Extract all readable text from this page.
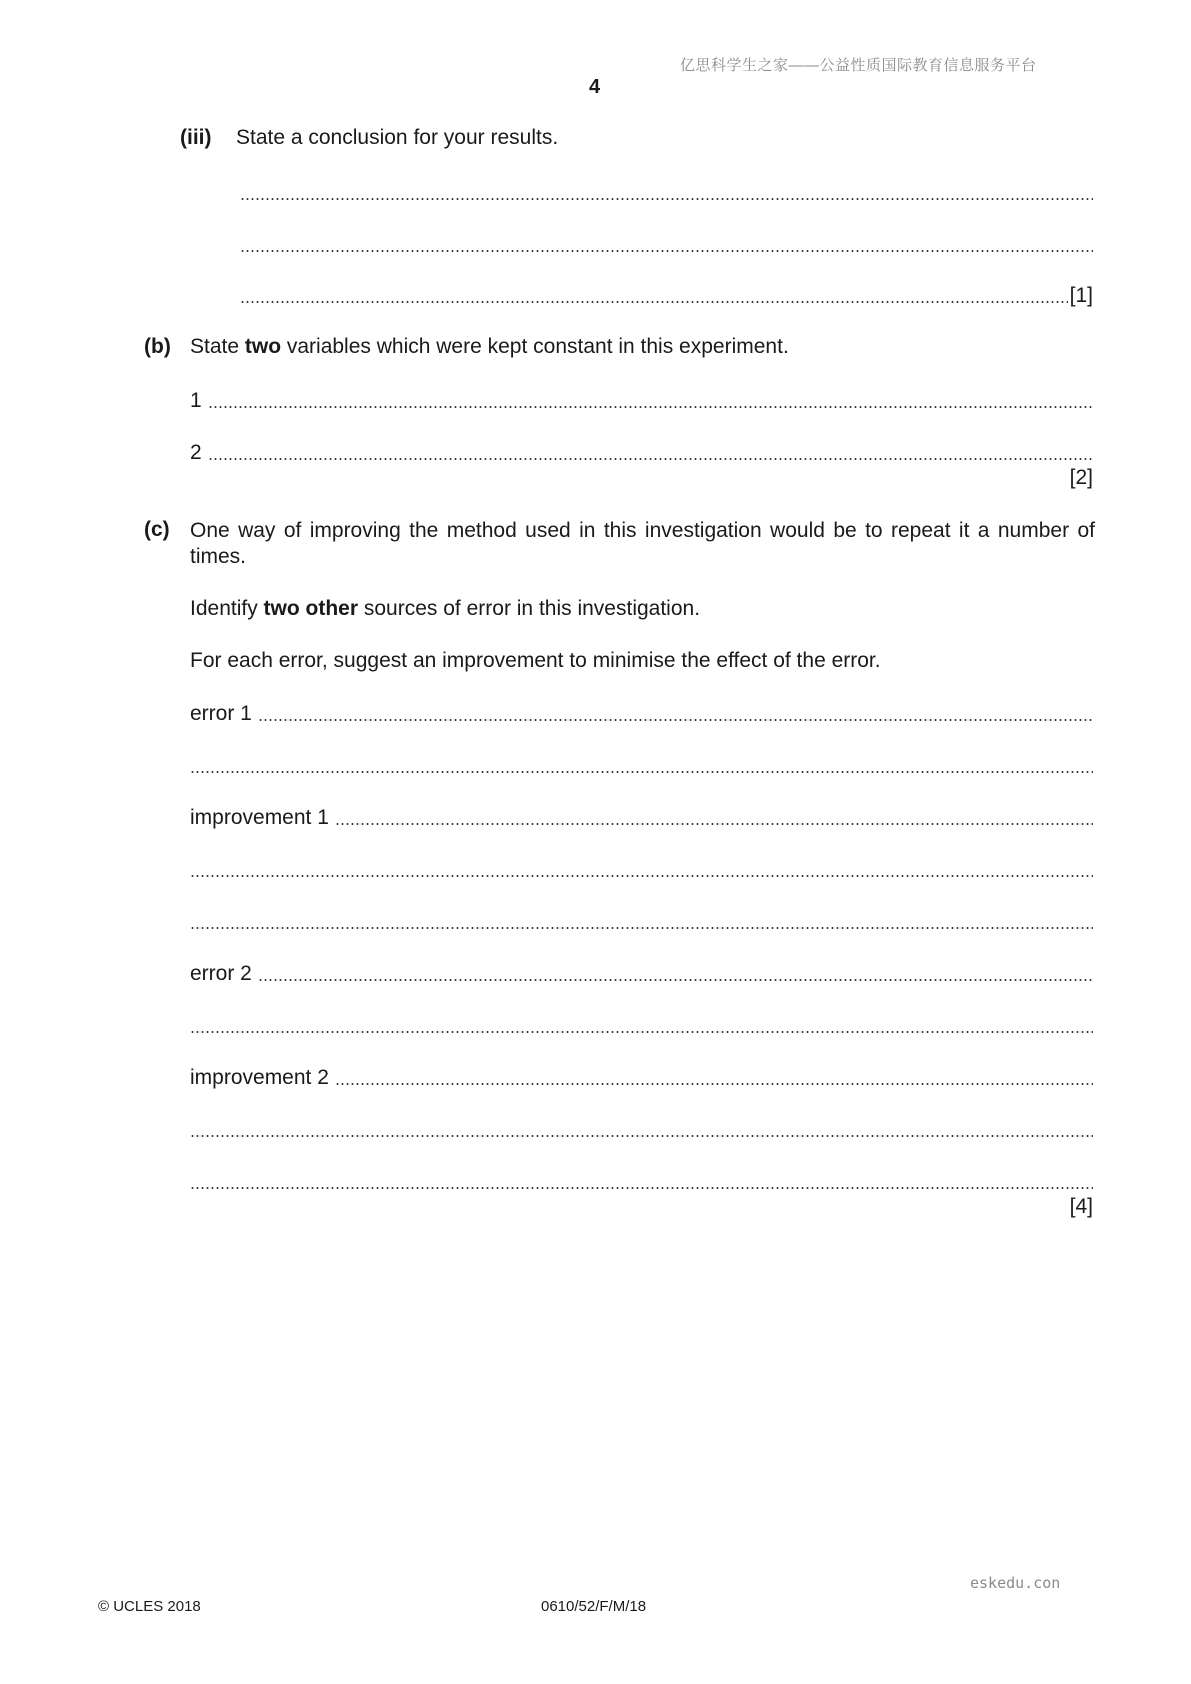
亿思科学生之家——公益性质国际教育信息服务平台
4
(iii) State a conclusion for your results.
[1]
(b) State two variables which were kept constant in this experiment.
1
2
[2]
(c) One way of improving the method used in this investigation would be to repeat it a number of times.
Identify two other sources of error in this investigation.
For each error, suggest an improvement to minimise the effect of the error.
error 1
improvement 1
error 2
improvement 2
[4]
eskedu.con
© UCLES 2018	0610/52/F/M/18
